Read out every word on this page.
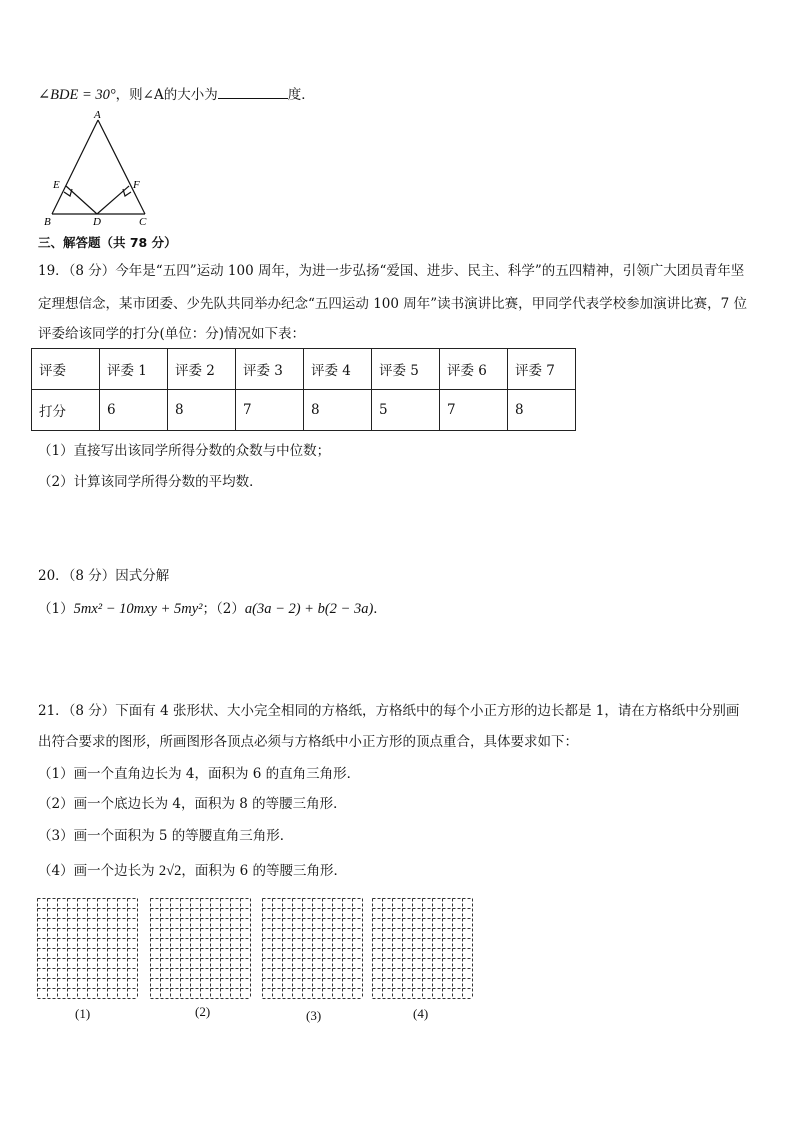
∠BDE = 30°，则∠A的大小为	度．
A
B	C
D
E	F
三、解答题（共 78 分）
19．（8 分）今年是“五四”运动 100 周年，为进一步弘扬“爱国、进步、民主、科学”的五四精神，引领广大团员青年坚
定理想信念，某市团委、少先队共同举办纪念“五四运动 100 周年”读书演讲比赛，甲同学代表学校参加演讲比赛，7 位
评委给该同学的打分(单位：分)情况如下表：
评委	评委 1	评委 2	评委 3	评委 4	评委 5	评委 6	评委 7
打分	6	8	7	8	5	7	8
（1）直接写出该同学所得分数的众数与中位数；
（2）计算该同学所得分数的平均数．
20．（8 分）因式分解
（1）5mx² − 10mxy + 5my²；（2）a(3a − 2) + b(2 − 3a)．
21．（8 分）下面有 4 张形状、大小完全相同的方格纸，方格纸中的每个小正方形的边长都是 1，请在方格纸中分别画
出符合要求的图形，所画图形各顶点必须与方格纸中小正方形的顶点重合，具体要求如下：
（1）画一个直角边长为 4，面积为 6 的直角三角形．
（2）画一个底边长为 4，面积为 8 的等腰三角形．
（3）画一个面积为 5 的等腰直角三角形．
（4）画一个边长为 2√2，面积为 6 的等腰三角形．
(1)	(2)	(3)	(4)
